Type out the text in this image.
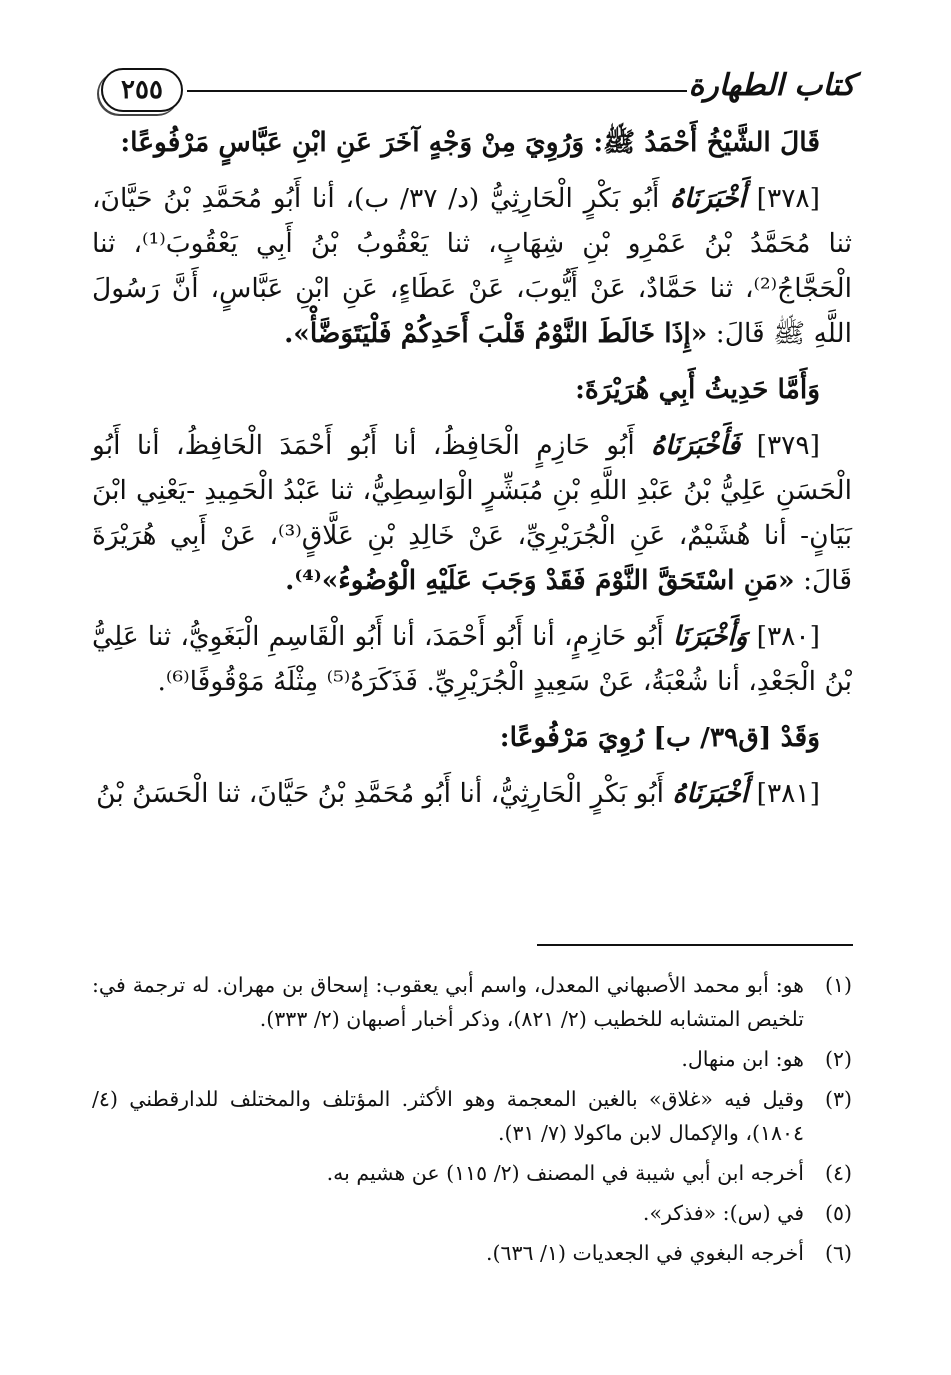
٢٥٥	كتاب الطهارة

قَالَ الشَّيْخُ أَحْمَدُ ﷺ: وَرُوِيَ مِنْ وَجْهٍ آخَرَ عَنِ ابْنِ عَبَّاسٍ مَرْفُوعًا:

[٣٧٨] أَخْبَرَنَاهُ أَبُو بَكْرٍ الْحَارِثِيُّ (د/ ٣٧/ ب)، أنا أَبُو مُحَمَّدِ بْنُ حَيَّانَ، ثنا مُحَمَّدُ بْنُ عَمْرِو بْنِ شِهَابٍ، ثنا يَعْقُوبُ بْنُ أَبِي يَعْقُوبَ⁽¹⁾، ثنا الْحَجَّاجُ⁽²⁾، ثنا حَمَّادٌ، عَنْ أَيُّوبَ، عَنْ عَطَاءٍ، عَنِ ابْنِ عَبَّاسٍ، أَنَّ رَسُولَ اللَّهِ ﷺ قَالَ: «إِذَا خَالَطَ النَّوْمُ قَلْبَ أَحَدِكُمْ فَلْيَتَوَضَّأْ».

وَأَمَّا حَدِيثُ أَبِي هُرَيْرَةَ:

[٣٧٩] فَأَخْبَرَنَاهُ أَبُو حَازِمٍ الْحَافِظُ، أنا أَبُو أَحْمَدَ الْحَافِظُ، أنا أَبُو الْحَسَنِ عَلِيُّ بْنُ عَبْدِ اللَّهِ بْنِ مُبَشِّرٍ الْوَاسِطِيُّ، ثنا عَبْدُ الْحَمِيدِ -يَعْنِي ابْنَ بَيَانٍ- أنا هُشَيْمٌ، عَنِ الْجُرَيْرِيِّ، عَنْ خَالِدِ بْنِ عَلَّاقٍ⁽³⁾، عَنْ أَبِي هُرَيْرَةَ قَالَ: «مَنِ اسْتَحَقَّ النَّوْمَ فَقَدْ وَجَبَ عَلَيْهِ الْوُضُوءُ»⁽⁴⁾.

[٣٨٠] وَأَخْبَرَنَا أَبُو حَازِمٍ، أنا أَبُو أَحْمَدَ، أنا أَبُو الْقَاسِمِ الْبَغَوِيُّ، ثنا عَلِيُّ بْنُ الْجَعْدِ، أنا شُعْبَةُ، عَنْ سَعِيدٍ الْجُرَيْرِيِّ. فَذَكَرَهُ⁽⁵⁾ مِثْلَهُ مَوْقُوفًا⁽⁶⁾.

وَقَدْ [ق٣٩/ ب] رُوِيَ مَرْفُوعًا:

[٣٨١] أَخْبَرَنَاهُ أَبُو بَكْرٍ الْحَارِثِيُّ، أنا أَبُو مُحَمَّدِ بْنُ حَيَّانَ، ثنا الْحَسَنُ بْنُ

(١)
هو: أبو محمد الأصبهاني المعدل، واسم أبي يعقوب: إسحاق بن مهران. له ترجمة في: تلخيص المتشابه للخطيب (٢/ ٨٢١)، وذكر أخبار أصبهان (٢/ ٣٣٣).
(٢)
هو: ابن منهال.
(٣)
وقيل فيه «غلاق» بالغين المعجمة وهو الأكثر. المؤتلف والمختلف للدارقطني (٤/ ١٨٠٤)، والإكمال لابن ماكولا (٧/ ٣١).
(٤)
أخرجه ابن أبي شيبة في المصنف (٢/ ١١٥) عن هشيم به.
(٥)
في (س): «فذكر».
(٦)
أخرجه البغوي في الجعديات (١/ ٦٣٦).
